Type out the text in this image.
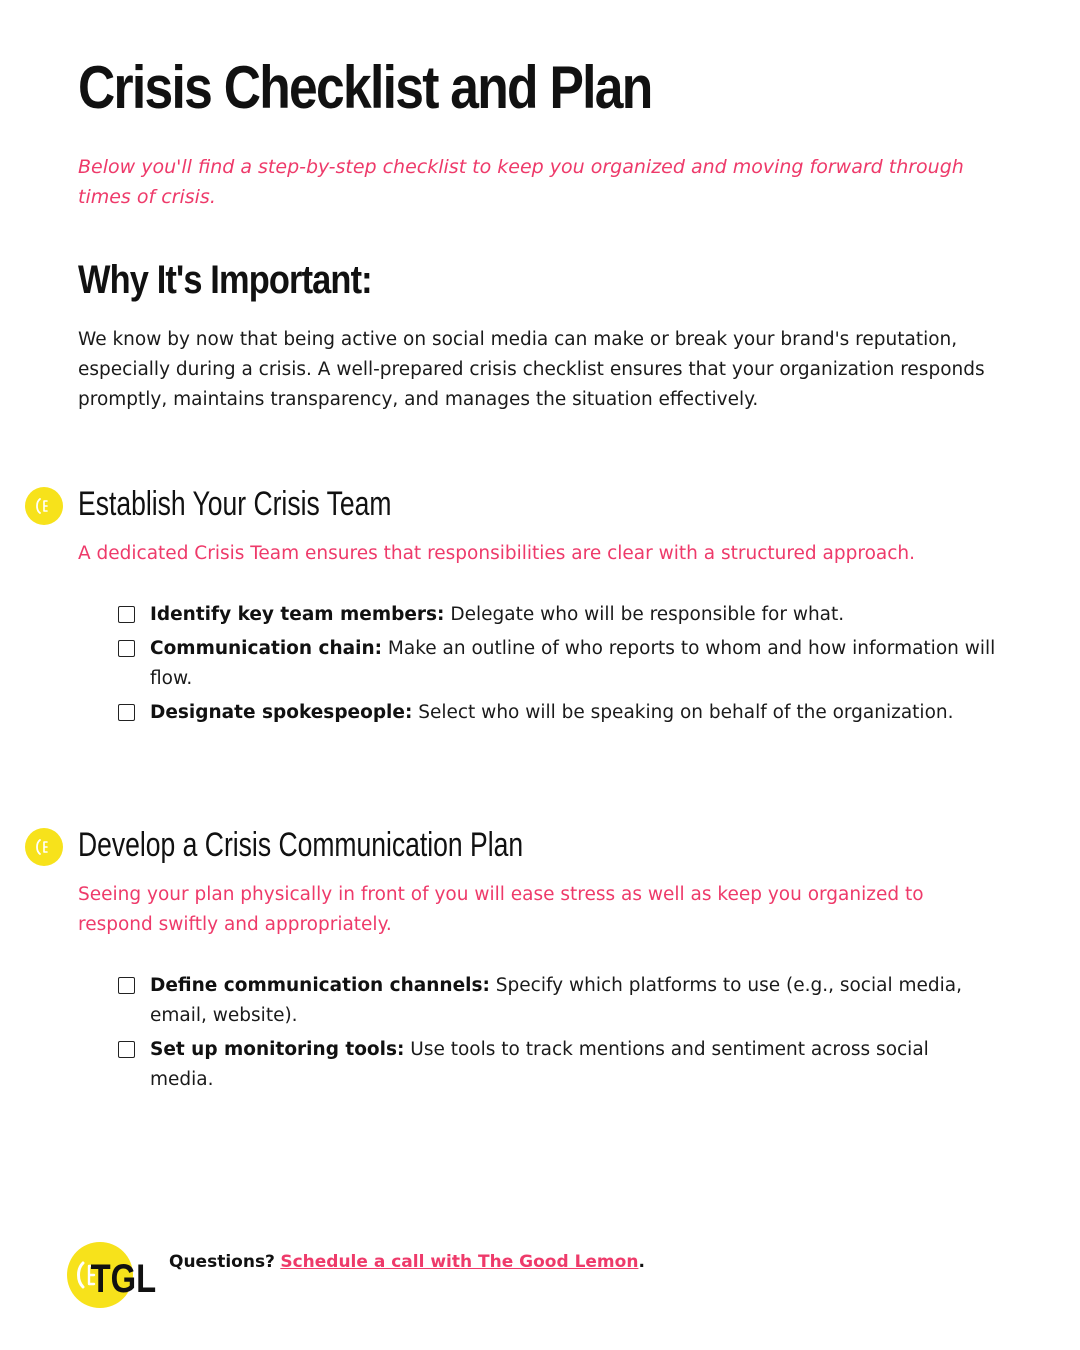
Crisis Checklist and Plan

Below you'll find a step-by-step checklist to keep you organized and moving forward through times of crisis.

Why It's Important:

We know by now that being active on social media can make or break your brand's reputation, especially during a crisis. A well-prepared crisis checklist ensures that your organization responds promptly, maintains transparency, and manages the situation effectively.

Establish Your Crisis Team

A dedicated Crisis Team ensures that responsibilities are clear with a structured approach.

Identify key team members: Delegate who will be responsible for what.
Communication chain: Make an outline of who reports to whom and how information will flow.
Designate spokespeople: Select who will be speaking on behalf of the organization.
Develop a Crisis Communication Plan

Seeing your plan physically in front of you will ease stress as well as keep you organized to respond swiftly and appropriately.

Define communication channels: Specify which platforms to use (e.g., social media, email, website).
Set up monitoring tools: Use tools to track mentions and sentiment across social media.
TGL Questions? Schedule a call with The Good Lemon.
